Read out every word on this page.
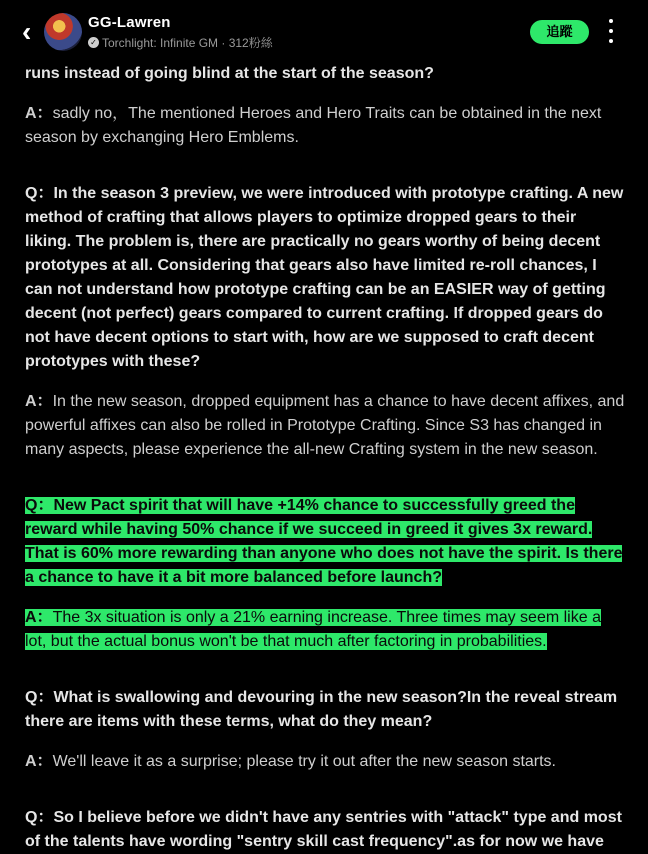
‹	GG-Lawren
✓ Torchlight: Infinite GM · 312粉絲
追蹤

runs instead of going blind at the start of the season?

A：sadly no，The mentioned Heroes and Hero Traits can be obtained in the next season by exchanging Hero Emblems.

Q：In the season 3 preview, we were introduced with prototype crafting. A new method of crafting that allows players to optimize dropped gears to their liking. The problem is, there are practically no gears worthy of being decent prototypes at all. Considering that gears also have limited re-roll chances, I can not understand how prototype crafting can be an EASIER way of getting decent (not perfect) gears compared to current crafting. If dropped gears do not have decent options to start with, how are we supposed to craft decent prototypes with these?

A：In the new season, dropped equipment has a chance to have decent affixes, and powerful affixes can also be rolled in Prototype Crafting. Since S3 has changed in many aspects, please experience the all-new Crafting system in the new season.

Q：New Pact spirit that will have +14% chance to successfully greed the reward while having 50% chance if we succeed in greed it gives 3x reward. That is 60% more rewarding than anyone who does not have the spirit. Is there a chance to have it a bit more balanced before launch?

A：The 3x situation is only a 21% earning increase. Three times may seem like a lot, but the actual bonus won't be that much after factoring in probabilities.

Q：What is swallowing and devouring in the new season?In the reveal stream there are items with these terms, what do they mean?

A：We'll leave it as a surprise; please try it out after the new season starts.

Q：So I believe before we didn't have any sentries with "attack" type and most of the talents have wording "sentry skill cast frequency".as for now we have
